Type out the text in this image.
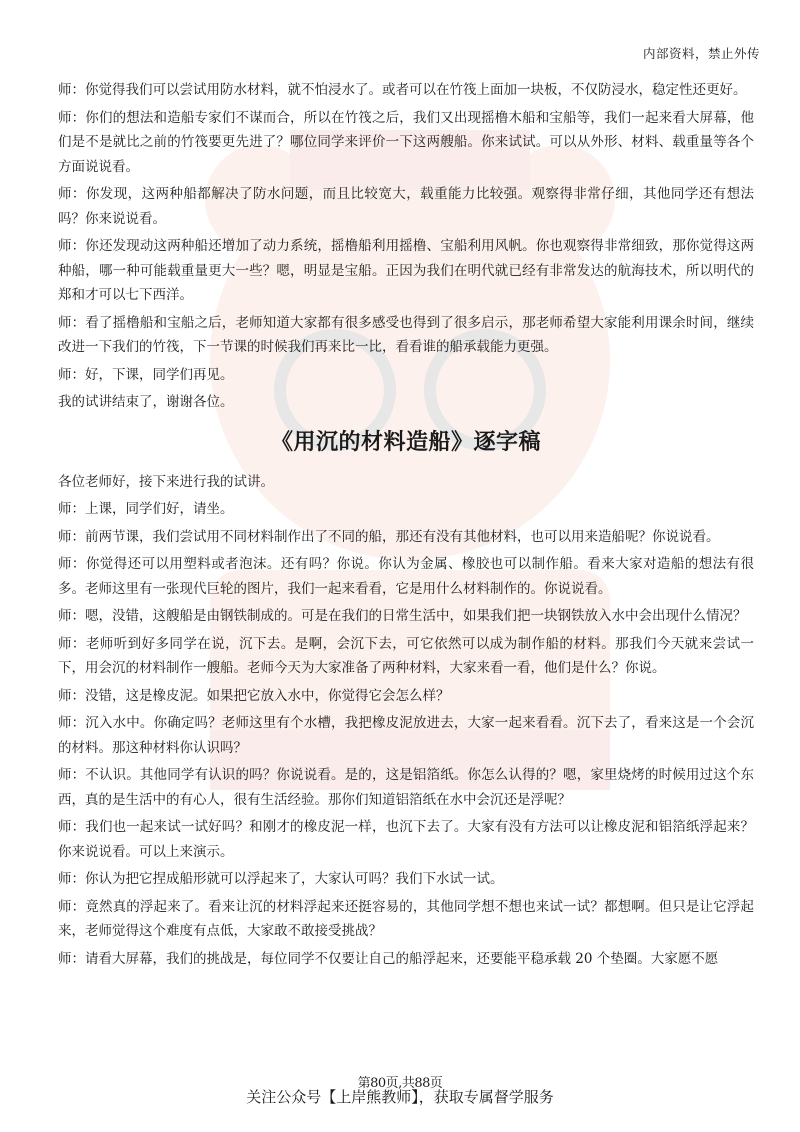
内部资料，禁止外传

师：你觉得我们可以尝试用防水材料，就不怕浸水了。或者可以在竹筏上面加一块板，不仅防浸水，稳定性还更好。

师：你们的想法和造船专家们不谋而合，所以在竹筏之后，我们又出现摇橹木船和宝船等，我们一起来看大屏幕，他们是不是就比之前的竹筏要更先进了？哪位同学来评价一下这两艘船。你来试试。可以从外形、材料、载重量等各个方面说说看。

师：你发现，这两种船都解决了防水问题，而且比较宽大，载重能力比较强。观察得非常仔细，其他同学还有想法吗？你来说说看。

师：你还发现动这两种船还增加了动力系统，摇橹船利用摇橹、宝船利用风帆。你也观察得非常细致，那你觉得这两种船，哪一种可能载重量更大一些？嗯，明显是宝船。正因为我们在明代就已经有非常发达的航海技术，所以明代的郑和才可以七下西洋。

师：看了摇橹船和宝船之后，老师知道大家都有很多感受也得到了很多启示，那老师希望大家能利用课余时间，继续改进一下我们的竹筏，下一节课的时候我们再来比一比，看看谁的船承载能力更强。

师：好，下课，同学们再见。

我的试讲结束了，谢谢各位。

《用沉的材料造船》逐字稿

各位老师好，接下来进行我的试讲。

师：上课，同学们好，请坐。

师：前两节课，我们尝试用不同材料制作出了不同的船，那还有没有其他材料，也可以用来造船呢？你说说看。

师：你觉得还可以用塑料或者泡沫。还有吗？你说。你认为金属、橡胶也可以制作船。看来大家对造船的想法有很多。老师这里有一张现代巨轮的图片，我们一起来看看，它是用什么材料制作的。你说说看。

师：嗯，没错，这艘船是由钢铁制成的。可是在我们的日常生活中，如果我们把一块钢铁放入水中会出现什么情况？

师：老师听到好多同学在说，沉下去。是啊，会沉下去，可它依然可以成为制作船的材料。那我们今天就来尝试一下，用会沉的材料制作一艘船。老师今天为大家准备了两种材料，大家来看一看，他们是什么？你说。

师：没错，这是橡皮泥。如果把它放入水中，你觉得它会怎么样？

师：沉入水中。你确定吗？老师这里有个水槽，我把橡皮泥放进去，大家一起来看看。沉下去了，看来这是一个会沉的材料。那这种材料你认识吗？

师：不认识。其他同学有认识的吗？你说说看。是的，这是铝箔纸。你怎么认得的？嗯，家里烧烤的时候用过这个东西，真的是生活中的有心人，很有生活经验。那你们知道铝箔纸在水中会沉还是浮呢？

师：我们也一起来试一试好吗？和刚才的橡皮泥一样，也沉下去了。大家有没有方法可以让橡皮泥和铝箔纸浮起来？你来说说看。可以上来演示。

师：你认为把它捏成船形就可以浮起来了，大家认可吗？我们下水试一试。

师：竟然真的浮起来了。看来让沉的材料浮起来还挺容易的，其他同学想不想也来试一试？都想啊。但只是让它浮起来，老师觉得这个难度有点低，大家敢不敢接受挑战？

师：请看大屏幕，我们的挑战是，每位同学不仅要让自己的船浮起来，还要能平稳承载 20 个垫圈。大家愿不愿

第80页,共88页
关注公众号【上岸熊教师】，获取专属督学服务
